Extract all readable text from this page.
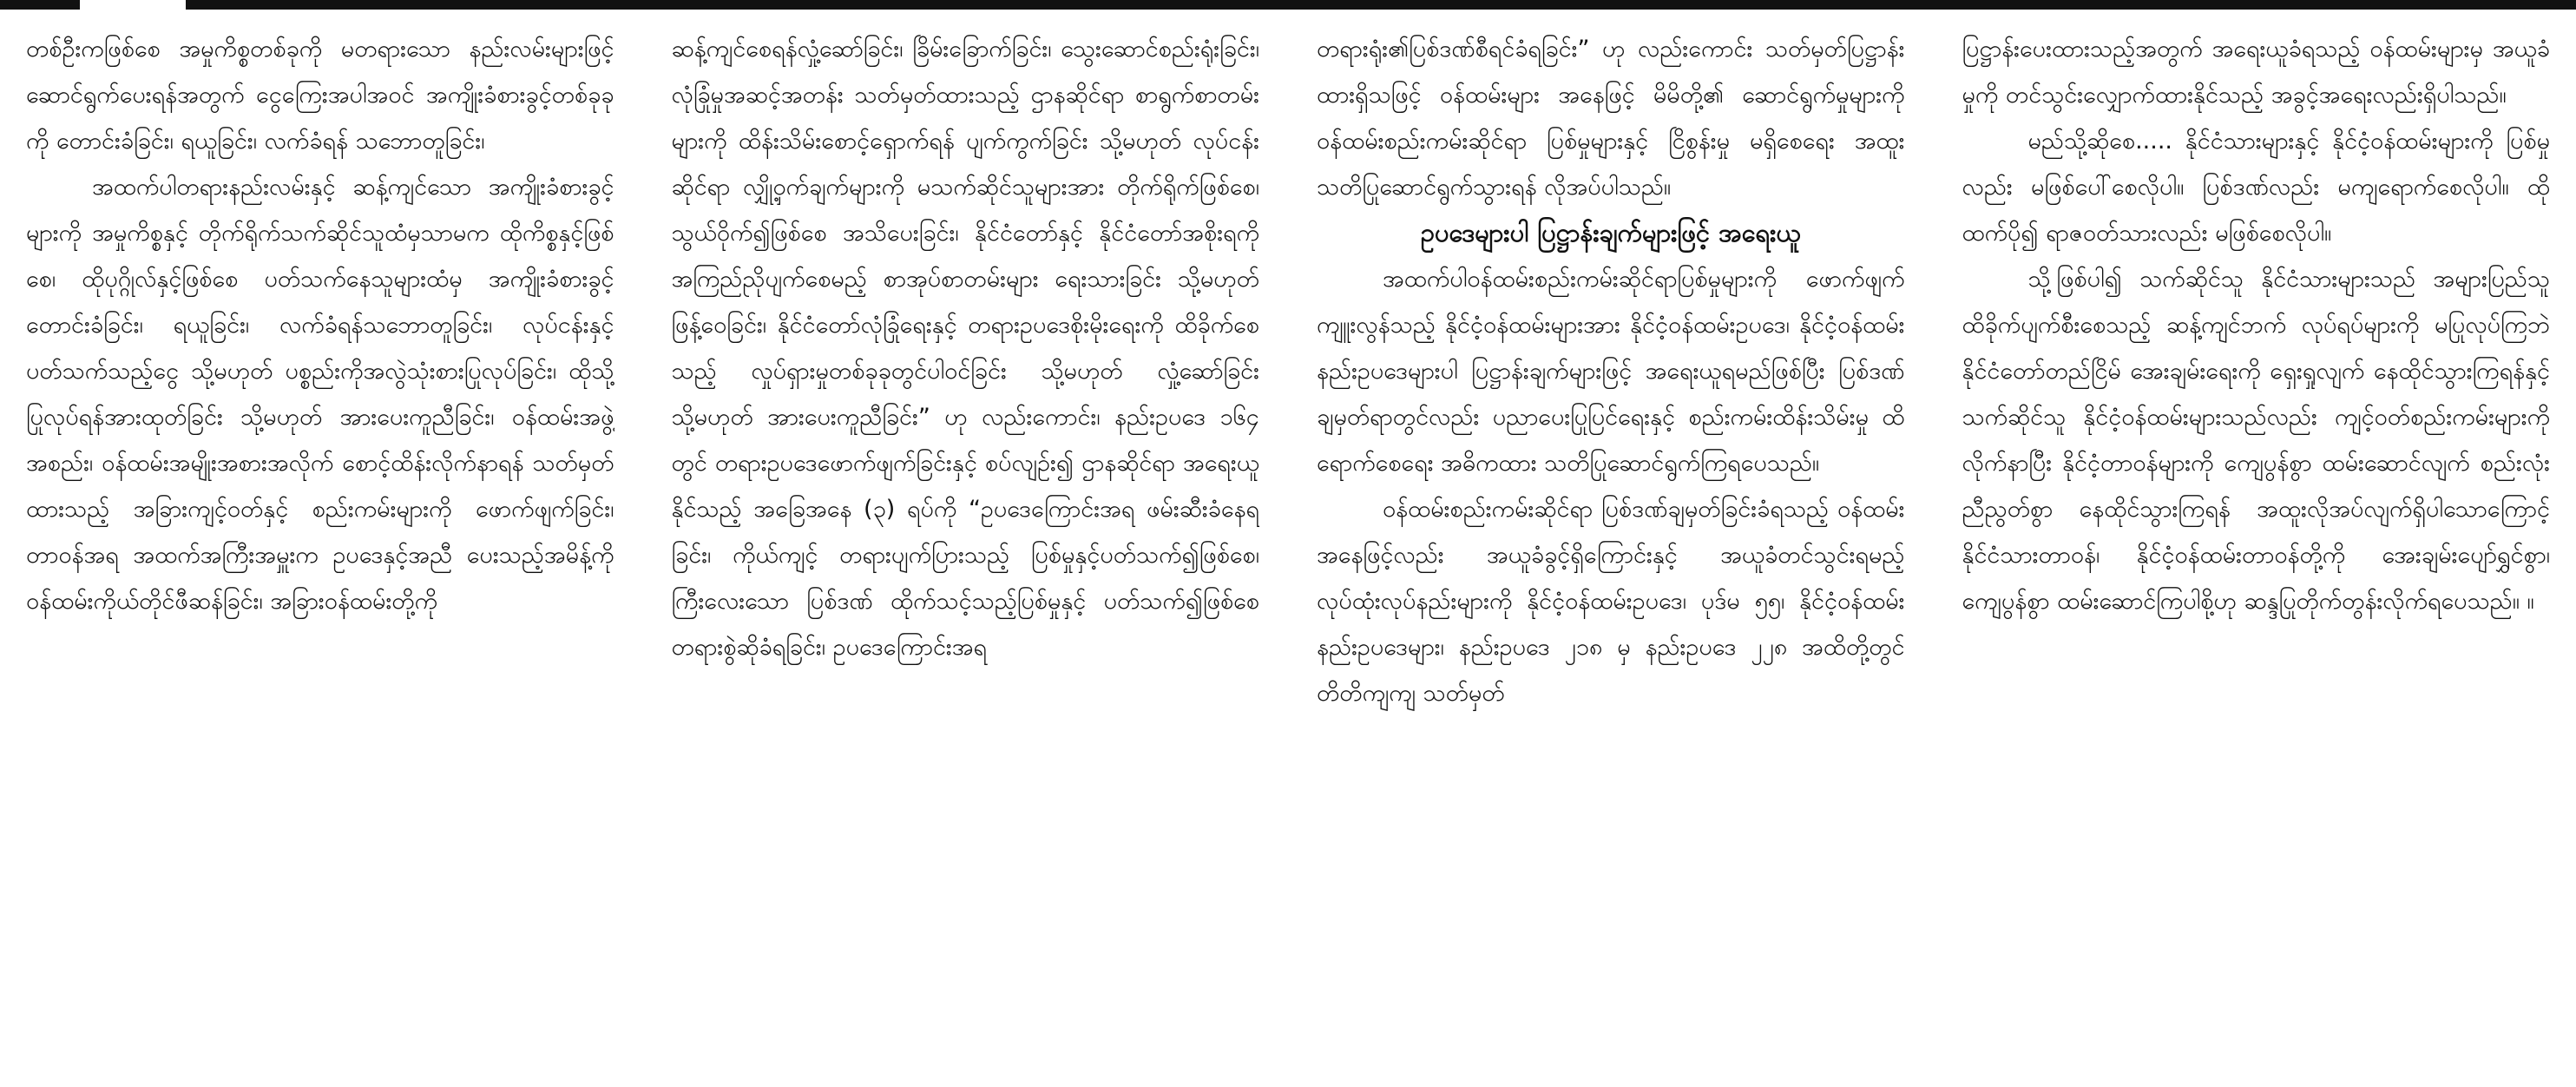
တစ်ဦးကဖြစ်စေ အမှုကိစ္စတစ်ခုကို မတရားသော နည်းလမ်းများဖြင့် ဆောင်ရွက်ပေးရန်အတွက် ငွေကြေးအပါအဝင် အကျိုးခံစားခွင့်တစ်ခုခုကို တောင်းခံခြင်း၊ ရယူခြင်း၊ လက်ခံရန် သဘောတူခြင်း၊

အထက်ပါတရားနည်းလမ်းနှင့် ဆန့်ကျင်သော အကျိုးခံစားခွင့်များကို အမှုကိစ္စနှင့် တိုက်ရိုက်သက်ဆိုင်သူထံမှသာမက ထိုကိစ္စနှင့်ဖြစ်စေ၊ ထိုပုဂ္ဂိုလ်နှင့်ဖြစ်စေ ပတ်သက်နေသူများထံမှ အကျိုးခံစားခွင့်တောင်းခံခြင်း၊ ရယူခြင်း၊ လက်ခံရန်သဘောတူခြင်း၊ လုပ်ငန်းနှင့်ပတ်သက်သည့်ငွေ သို့မဟုတ် ပစ္စည်းကိုအလွဲသုံးစားပြုလုပ်ခြင်း၊ ထိုသို့ ပြုလုပ်ရန်အားထုတ်ခြင်း သို့မဟုတ် အားပေးကူညီခြင်း၊ ဝန်ထမ်းအဖွဲ့အစည်း၊ ဝန်ထမ်းအမျိုးအစားအလိုက် စောင့်ထိန်းလိုက်နာရန် သတ်မှတ်ထားသည့် အခြားကျင့်ဝတ်နှင့် စည်းကမ်းများကို ဖောက်ဖျက်ခြင်း၊ တာဝန်အရ အထက်အကြီးအမှူးက ဥပဒေနှင့်အညီ ပေးသည့်အမိန့်ကို ဝန်ထမ်းကိုယ်တိုင်ဖီဆန်ခြင်း၊ အခြားဝန်ထမ်းတို့ကို

ဆန့်ကျင်စေရန်လှုံ့ဆော်ခြင်း၊ ခြိမ်းခြောက်ခြင်း၊ သွေးဆောင်စည်းရုံးခြင်း၊ လုံခြုံမှုအဆင့်အတန်း သတ်မှတ်ထားသည့် ဌာနဆိုင်ရာ စာရွက်စာတမ်းများကို ထိန်းသိမ်းစောင့်ရှောက်ရန် ပျက်ကွက်ခြင်း သို့မဟုတ် လုပ်ငန်းဆိုင်ရာ လျှို့ဝှက်ချက်များကို မသက်ဆိုင်သူများအား တိုက်ရိုက်ဖြစ်စေ၊ သွယ်ဝိုက်၍ဖြစ်စေ အသိပေးခြင်း၊ နိုင်ငံတော်နှင့် နိုင်ငံတော်အစိုးရကို အကြည်ညိုပျက်စေမည့် စာအုပ်စာတမ်းများ ရေးသားခြင်း သို့မဟုတ် ဖြန့်ဝေခြင်း၊ နိုင်ငံတော်လုံခြုံရေးနှင့် တရားဥပဒေစိုးမိုးရေးကို ထိခိုက်စေသည့် လှုပ်ရှားမှုတစ်ခုခုတွင်ပါဝင်ခြင်း သို့မဟုတ် လှုံ့ဆော်ခြင်း သို့မဟုတ် အားပေးကူညီခြင်း” ဟု လည်းကောင်း၊ နည်းဥပဒေ ၁၆၄ တွင် တရားဥပဒေဖောက်ဖျက်ခြင်းနှင့် စပ်လျဉ်း၍ ဌာနဆိုင်ရာ အရေးယူနိုင်သည့် အခြေအနေ (၃) ရပ်ကို “ဥပဒေကြောင်းအရ ဖမ်းဆီးခံနေရခြင်း၊ ကိုယ်ကျင့် တရားပျက်ပြားသည့် ပြစ်မှုနှင့်ပတ်သက်၍ဖြစ်စေ၊ ကြီးလေးသော ပြစ်ဒဏ် ထိုက်သင့်သည့်ပြစ်မှုနှင့် ပတ်သက်၍ဖြစ်စေ တရားစွဲဆိုခံရခြင်း၊ ဥပဒေကြောင်းအရ

တရားရုံး၏ပြစ်ဒဏ်စီရင်ခံရခြင်း” ဟု လည်းကောင်း သတ်မှတ်ပြဋ္ဌာန်းထားရှိသဖြင့် ဝန်ထမ်းများ အနေဖြင့် မိမိတို့၏ ဆောင်ရွက်မှုများကို ဝန်ထမ်းစည်းကမ်းဆိုင်ရာ ပြစ်မှုများနှင့် ငြိစွန်းမှု မရှိစေရေး အထူးသတိပြုဆောင်ရွက်သွားရန် လိုအပ်ပါသည်။

ဥပဒေများပါ ပြဋ္ဌာန်းချက်များဖြင့် အရေးယူ

အထက်ပါဝန်ထမ်းစည်းကမ်းဆိုင်ရာပြစ်မှုများကို ဖောက်ဖျက်ကျူးလွန်သည့် နိုင်ငံ့ဝန်ထမ်းများအား နိုင်ငံ့ဝန်ထမ်းဥပဒေ၊ နိုင်ငံ့ဝန်ထမ်းနည်းဥပဒေများပါ ပြဋ္ဌာန်းချက်များဖြင့် အရေးယူရမည်ဖြစ်ပြီး ပြစ်ဒဏ်ချမှတ်ရာတွင်လည်း ပညာပေးပြုပြင်ရေးနှင့် စည်းကမ်းထိန်းသိမ်းမှု ထိရောက်စေရေး အဓိကထား သတိပြုဆောင်ရွက်ကြရပေသည်။

ဝန်ထမ်းစည်းကမ်းဆိုင်ရာ ပြစ်ဒဏ်ချမှတ်ခြင်းခံရသည့် ဝန်ထမ်းအနေဖြင့်လည်း အယူခံခွင့်ရှိကြောင်းနှင့် အယူခံတင်သွင်းရမည့်လုပ်ထုံးလုပ်နည်းများကို နိုင်ငံ့ဝန်ထမ်းဥပဒေ၊ ပုဒ်မ ၅၅၊ နိုင်ငံ့ဝန်ထမ်းနည်းဥပဒေများ၊ နည်းဥပဒေ ၂၁၈ မှ နည်းဥပဒေ ၂၂၈ အထိတို့တွင် တိတိကျကျ သတ်မှတ်

ပြဋ္ဌာန်းပေးထားသည့်အတွက် အရေးယူခံရသည့် ဝန်ထမ်းများမှ အယူခံမှုကို တင်သွင်းလျှောက်ထားနိုင်သည့် အခွင့်အရေးလည်းရှိပါသည်။

မည်သို့ဆိုစေ..... နိုင်ငံသားများနှင့် နိုင်ငံ့ဝန်ထမ်းများကို ပြစ်မှုလည်း မဖြစ်ပေါ်စေလိုပါ။ ပြစ်ဒဏ်လည်း မကျရောက်စေလိုပါ။ ထိုထက်ပို၍ ရာဇဝတ်သားလည်း မဖြစ်စေလိုပါ။

သို့ဖြစ်ပါ၍ သက်ဆိုင်သူ နိုင်ငံသားများသည် အများပြည်သူ ထိခိုက်ပျက်စီးစေသည့် ဆန့်ကျင်ဘက် လုပ်ရပ်များကို မပြုလုပ်ကြဘဲ နိုင်ငံတော်တည်ငြိမ် အေးချမ်းရေးကို ရှေးရှုလျက် နေထိုင်သွားကြရန်နှင့် သက်ဆိုင်သူ နိုင်ငံ့ဝန်ထမ်းများသည်လည်း ကျင့်ဝတ်စည်းကမ်းများကို လိုက်နာပြီး နိုင်ငံ့တာဝန်များကို ကျေပွန်စွာ ထမ်းဆောင်လျက် စည်းလုံးညီညွတ်စွာ နေထိုင်သွားကြရန် အထူးလိုအပ်လျက်ရှိပါသောကြောင့် နိုင်ငံသားတာဝန်၊ နိုင်ငံ့ဝန်ထမ်းတာဝန်တို့ကို အေးချမ်းပျော်ရွှင်စွာ၊ ကျေပွန်စွာ ထမ်းဆောင်ကြပါစို့ဟု ဆန္ဒပြုတိုက်တွန်းလိုက်ရပေသည်။ ။
